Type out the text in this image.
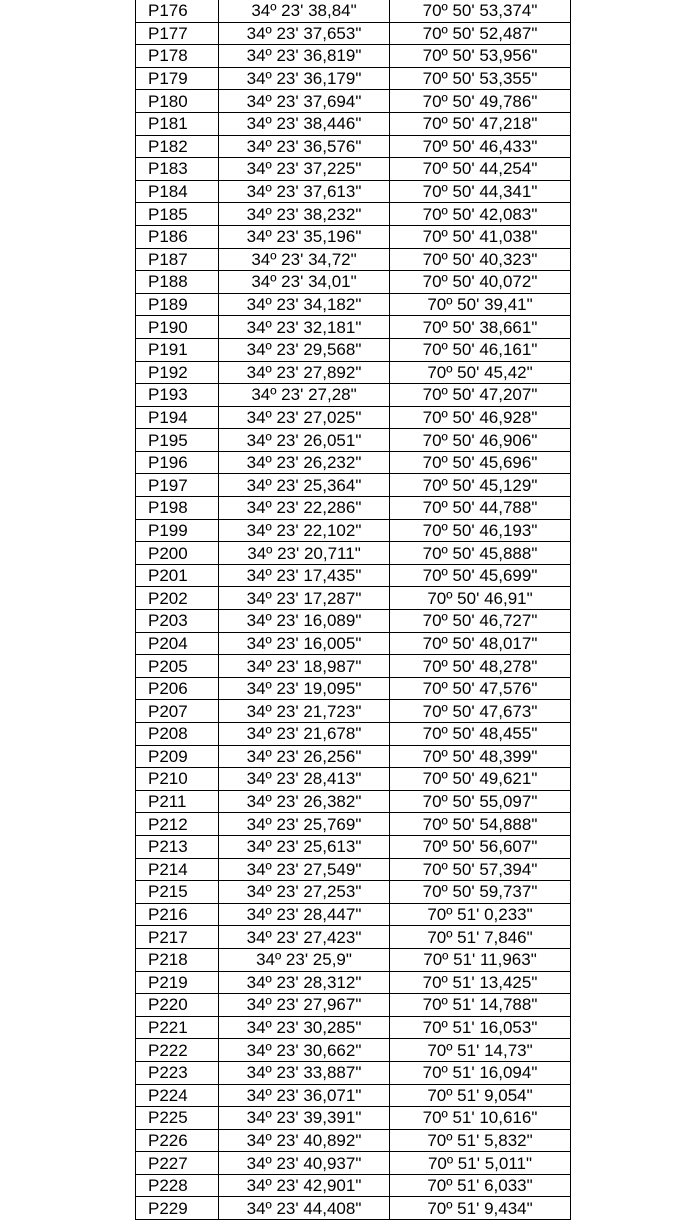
P176	34º 23' 38,84"	70º 50' 53,374"
P177	34º 23' 37,653"	70º 50' 52,487"
P178	34º 23' 36,819"	70º 50' 53,956"
P179	34º 23' 36,179"	70º 50' 53,355"
P180	34º 23' 37,694"	70º 50' 49,786"
P181	34º 23' 38,446"	70º 50' 47,218"
P182	34º 23' 36,576"	70º 50' 46,433"
P183	34º 23' 37,225"	70º 50' 44,254"
P184	34º 23' 37,613"	70º 50' 44,341"
P185	34º 23' 38,232"	70º 50' 42,083"
P186	34º 23' 35,196"	70º 50' 41,038"
P187	34º 23' 34,72"	70º 50' 40,323"
P188	34º 23' 34,01"	70º 50' 40,072"
P189	34º 23' 34,182"	70º 50' 39,41"
P190	34º 23' 32,181"	70º 50' 38,661"
P191	34º 23' 29,568"	70º 50' 46,161"
P192	34º 23' 27,892"	70º 50' 45,42"
P193	34º 23' 27,28"	70º 50' 47,207"
P194	34º 23' 27,025"	70º 50' 46,928"
P195	34º 23' 26,051"	70º 50' 46,906"
P196	34º 23' 26,232"	70º 50' 45,696"
P197	34º 23' 25,364"	70º 50' 45,129"
P198	34º 23' 22,286"	70º 50' 44,788"
P199	34º 23' 22,102"	70º 50' 46,193"
P200	34º 23' 20,711"	70º 50' 45,888"
P201	34º 23' 17,435"	70º 50' 45,699"
P202	34º 23' 17,287"	70º 50' 46,91"
P203	34º 23' 16,089"	70º 50' 46,727"
P204	34º 23' 16,005"	70º 50' 48,017"
P205	34º 23' 18,987"	70º 50' 48,278"
P206	34º 23' 19,095"	70º 50' 47,576"
P207	34º 23' 21,723"	70º 50' 47,673"
P208	34º 23' 21,678"	70º 50' 48,455"
P209	34º 23' 26,256"	70º 50' 48,399"
P210	34º 23' 28,413"	70º 50' 49,621"
P211	34º 23' 26,382"	70º 50' 55,097"
P212	34º 23' 25,769"	70º 50' 54,888"
P213	34º 23' 25,613"	70º 50' 56,607"
P214	34º 23' 27,549"	70º 50' 57,394"
P215	34º 23' 27,253"	70º 50' 59,737"
P216	34º 23' 28,447"	70º 51' 0,233"
P217	34º 23' 27,423"	70º 51' 7,846"
P218	34º 23' 25,9"	70º 51' 11,963"
P219	34º 23' 28,312"	70º 51' 13,425"
P220	34º 23' 27,967"	70º 51' 14,788"
P221	34º 23' 30,285"	70º 51' 16,053"
P222	34º 23' 30,662"	70º 51' 14,73"
P223	34º 23' 33,887"	70º 51' 16,094"
P224	34º 23' 36,071"	70º 51' 9,054"
P225	34º 23' 39,391"	70º 51' 10,616"
P226	34º 23' 40,892"	70º 51' 5,832"
P227	34º 23' 40,937"	70º 51' 5,011"
P228	34º 23' 42,901"	70º 51' 6,033"
P229	34º 23' 44,408"	70º 51' 9,434"
